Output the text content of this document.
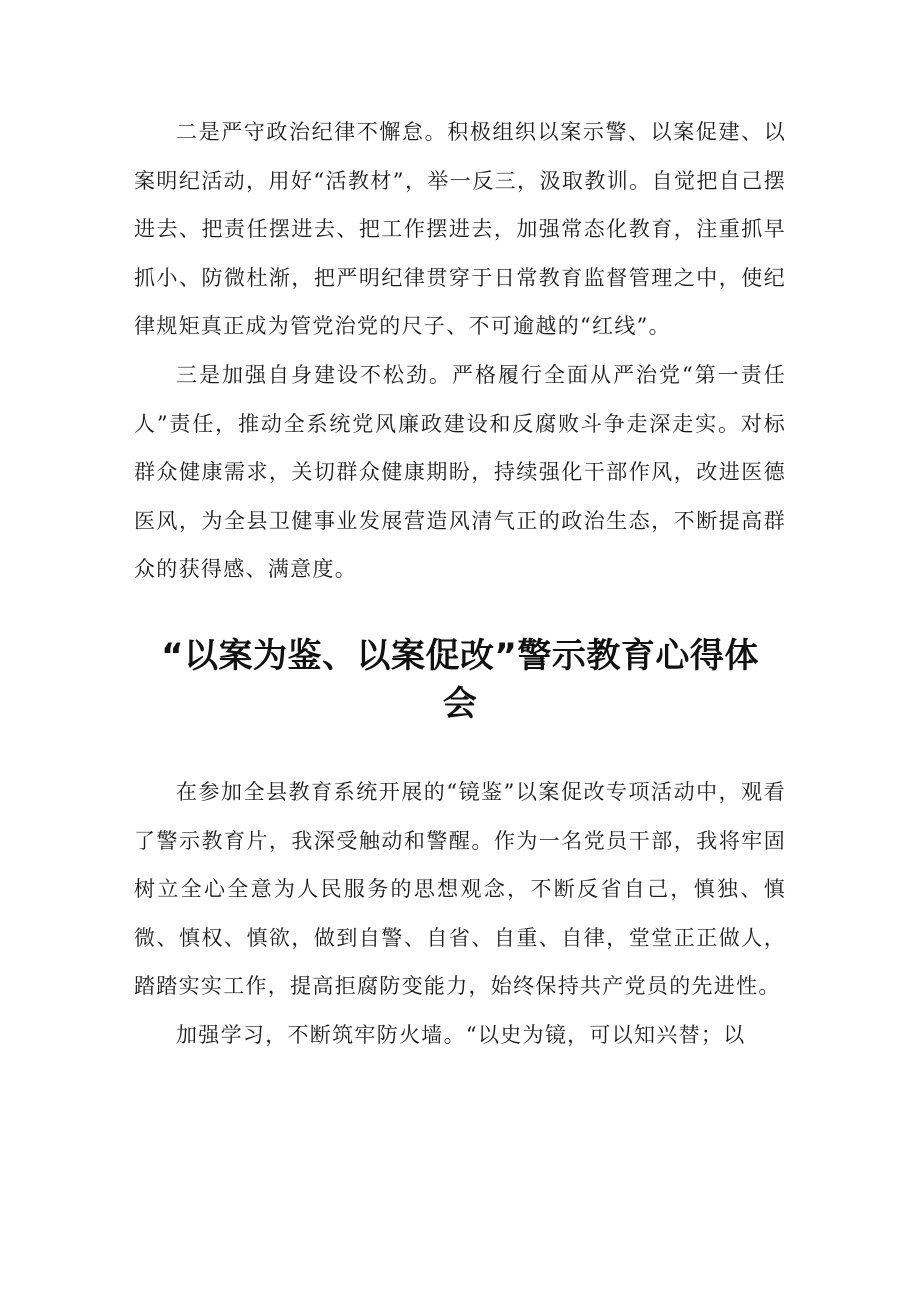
二是严守政治纪律不懈怠。积极组织以案示警、以案促建、以案明纪活动，用好“活教材”，举一反三，汲取教训。自觉把自己摆进去、把责任摆进去、把工作摆进去，加强常态化教育，注重抓早抓小、防微杜渐，把严明纪律贯穿于日常教育监督管理之中，使纪律规矩真正成为管党治党的尺子、不可逾越的“红线”。

三是加强自身建设不松劲。严格履行全面从严治党“第一责任人”责任，推动全系统党风廉政建设和反腐败斗争走深走实。对标群众健康需求，关切群众健康期盼，持续强化干部作风，改进医德医风，为全县卫健事业发展营造风清气正的政治生态，不断提高群众的获得感、满意度。

“以案为鉴、以案促改”警示教育心得体会

在参加全县教育系统开展的“镜鉴”以案促改专项活动中，观看了警示教育片，我深受触动和警醒。作为一名党员干部，我将牢固树立全心全意为人民服务的思想观念，不断反省自己，慎独、慎微、慎权、慎欲，做到自警、自省、自重、自律，堂堂正正做人，踏踏实实工作，提高拒腐防变能力，始终保持共产党员的先进性。

加强学习，不断筑牢防火墙。“以史为镜，可以知兴替；以
